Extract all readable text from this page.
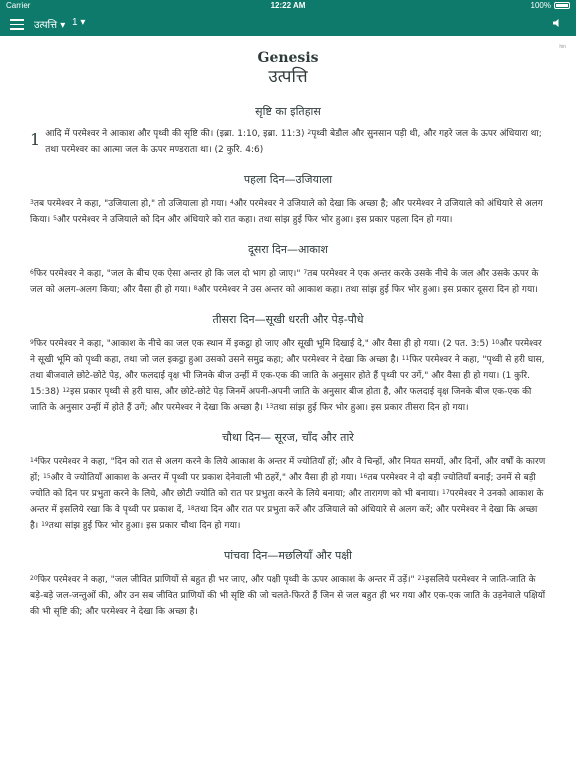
Carrier	12:22 AM	100%
उत्पत्ति ▾ 1 ▾
hin
Genesis
उत्पत्ति
सृष्टि का इतिहास

1 आदि में परमेश्वर ने आकाश और पृथ्वी की सृष्टि की। (इब्रा. 1:10, इब्रा. 11:3) $^2$पृथ्वी बेडौल और सुनसान पड़ी थी, और गहरे जल के ऊपर अंधियारा था; तथा परमेश्वर का आत्मा जल के ऊपर मण्डराता था। (2 कुरि. 4:6)

पहला दिन—उजियाला

$^3$तब परमेश्वर ने कहा, "उजियाला हो," तो उजियाला हो गया। $^4$और परमेश्वर ने उजियाले को देखा कि अच्छा है; और परमेश्वर ने उजियाले को अंधियारे से अलग किया। $^5$और परमेश्वर ने उजियाले को दिन और अंधियारे को रात कहा। तथा सांझ हुई फिर भोर हुआ। इस प्रकार पहला दिन हो गया।

दूसरा दिन—आकाश

$^6$फिर परमेश्वर ने कहा, "जल के बीच एक ऐसा अन्तर हो कि जल दो भाग हो जाए।" $^7$तब परमेश्वर ने एक अन्तर करके उसके नीचे के जल और उसके ऊपर के जल को अलग-अलग किया; और वैसा ही हो गया। $^8$और परमेश्वर ने उस अन्तर को आकाश कहा। तथा सांझ हुई फिर भोर हुआ। इस प्रकार दूसरा दिन हो गया।

तीसरा दिन—सूखी धरती और पेड़-पौधे

$^9$फिर परमेश्वर ने कहा, "आकाश के नीचे का जल एक स्थान में इकट्ठा हो जाए और सूखी भूमि दिखाई दे," और वैसा ही हो गया। (2 पत. 3:5) $^{10}$और परमेश्वर ने सूखी भूमि को पृथ्वी कहा, तथा जो जल इकट्ठा हुआ उसको उसने समुद्र कहा; और परमेश्वर ने देखा कि अच्छा है। $^{11}$फिर परमेश्वर ने कहा, "पृथ्वी से हरी घास, तथा बीजवाले छोटे-छोटे पेड़, और फलदाई वृक्ष भी जिनके बीज उन्हीं में एक-एक की जाति के अनुसार होते हैं पृथ्वी पर उगें," और वैसा ही हो गया। (1 कुरि. 15:38) $^{12}$इस प्रकार पृथ्वी से हरी घास, और छोटे-छोटे पेड़ जिनमें अपनी-अपनी जाति के अनुसार बीज होता है, और फलदाई वृक्ष जिनके बीज एक-एक की जाति के अनुसार उन्हीं में होते हैं उगें; और परमेश्वर ने देखा कि अच्छा है। $^{13}$तथा सांझ हुई फिर भोर हुआ। इस प्रकार तीसरा दिन हो गया।

चौथा दिन— सूरज, चाँद और तारे

$^{14}$फिर परमेश्वर ने कहा, "दिन को रात से अलग करने के लिये आकाश के अन्तर में ज्योतियाँ हों; और वे चिन्हों, और नियत समयों, और दिनों, और वर्षों के कारण हों; $^{15}$और वे ज्योतियाँ आकाश के अन्तर में पृथ्वी पर प्रकाश देनेवाली भी ठहरें," और वैसा ही हो गया। $^{16}$तब परमेश्वर ने दो बड़ी ज्योतियाँ बनाईं; उनमें से बड़ी ज्योति को दिन पर प्रभुता करने के लिये, और छोटी ज्योति को रात पर प्रभुता करने के लिये बनाया; और तारागण को भी बनाया। $^{17}$परमेश्वर ने उनको आकाश के अन्तर में इसलिये रखा कि वे पृथ्वी पर प्रकाश दें, $^{18}$तथा दिन और रात पर प्रभुता करें और उजियाले को अंधियारे से अलग करें; और परमेश्वर ने देखा कि अच्छा है। $^{19}$तथा सांझ हुई फिर भोर हुआ। इस प्रकार चौथा दिन हो गया।

पांचवा दिन—मछलियाँ और पक्षी

$^{20}$फिर परमेश्वर ने कहा, "जल जीवित प्राणियों से बहुत ही भर जाए, और पक्षी पृथ्वी के ऊपर आकाश के अन्तर में उड़ें।" $^{21}$इसलिये परमेश्वर ने जाति-जाति के बड़े-बड़े जल-जन्तुओं की, और उन सब जीवित प्राणियों की भी सृष्टि की जो चलते-फिरते हैं जिन से जल बहुत ही भर गया और एक-एक जाति के उड़नेवाले पक्षियों की भी सृष्टि की; और परमेश्वर ने देखा कि अच्छा है।
